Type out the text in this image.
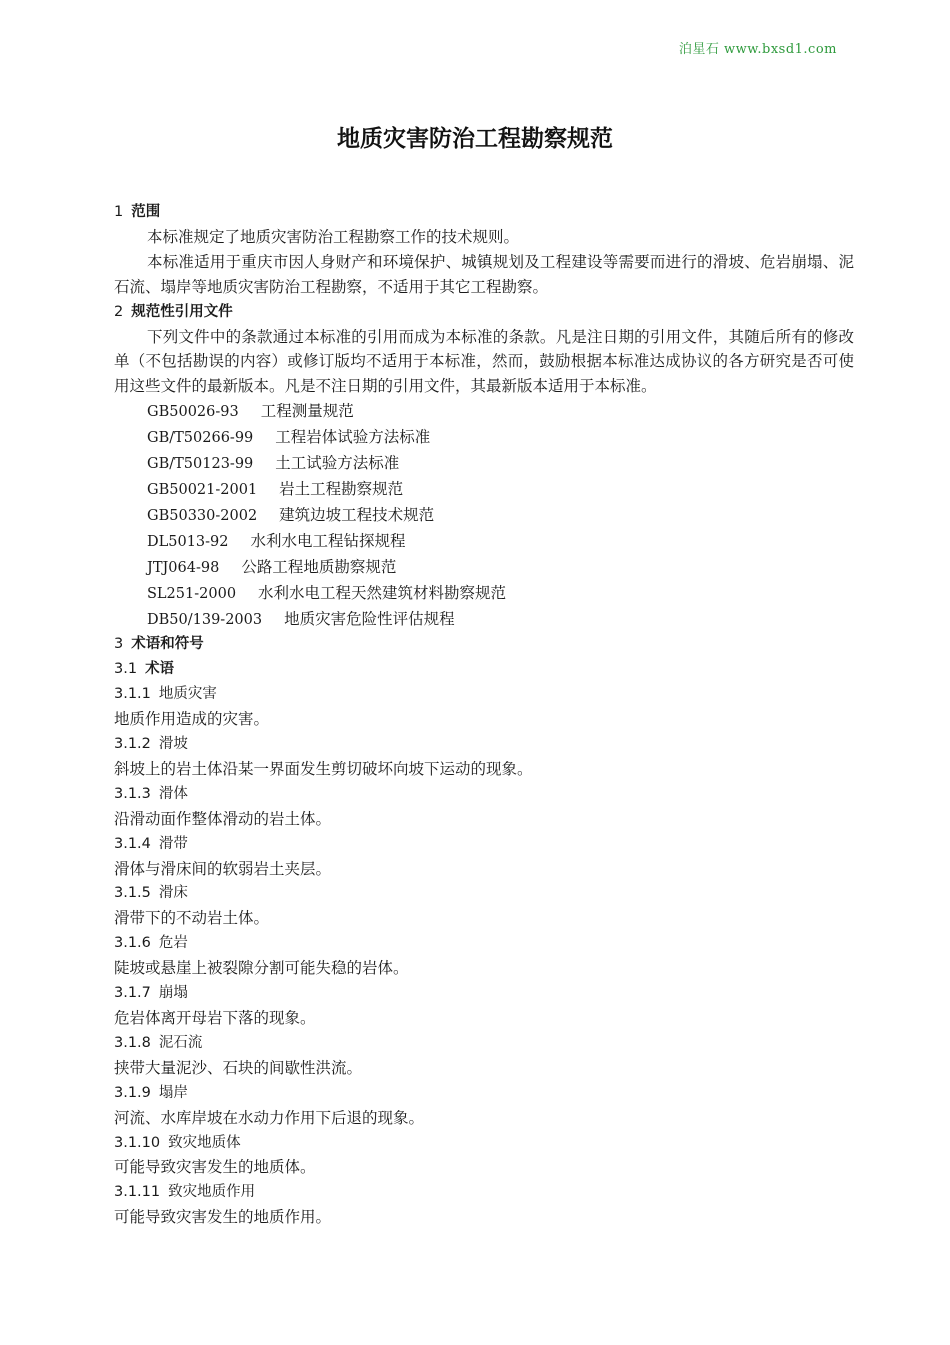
泊星石 www.bxsd1.com
地质灾害防治工程勘察规范
1 范围
本标准规定了地质灾害防治工程勘察工作的技术规则。
本标准适用于重庆市因人身财产和环境保护、城镇规划及工程建设等需要而进行的滑坡、危岩崩塌、泥石流、塌岸等地质灾害防治工程勘察，不适用于其它工程勘察。
2 规范性引用文件
下列文件中的条款通过本标准的引用而成为本标准的条款。凡是注日期的引用文件，其随后所有的修改单（不包括勘误的内容）或修订版均不适用于本标准，然而，鼓励根据本标准达成协议的各方研究是否可使用这些文件的最新版本。凡是不注日期的引用文件，其最新版本适用于本标准。
GB50026-93 工程测量规范
GB/T50266-99 工程岩体试验方法标准
GB/T50123-99 土工试验方法标准
GB50021-2001 岩土工程勘察规范
GB50330-2002 建筑边坡工程技术规范
DL5013-92 水利水电工程钻探规程
JTJ064-98 公路工程地质勘察规范
SL251-2000 水利水电工程天然建筑材料勘察规范
DB50/139-2003 地质灾害危险性评估规程
3 术语和符号
3.1 术语
3.1.1 地质灾害
地质作用造成的灾害。
3.1.2 滑坡
斜坡上的岩土体沿某一界面发生剪切破坏向坡下运动的现象。
3.1.3 滑体
沿滑动面作整体滑动的岩土体。
3.1.4 滑带
滑体与滑床间的软弱岩土夹层。
3.1.5 滑床
滑带下的不动岩土体。
3.1.6 危岩
陡坡或悬崖上被裂隙分割可能失稳的岩体。
3.1.7 崩塌
危岩体离开母岩下落的现象。
3.1.8 泥石流
挟带大量泥沙、石块的间歇性洪流。
3.1.9 塌岸
河流、水库岸坡在水动力作用下后退的现象。
3.1.10 致灾地质体
可能导致灾害发生的地质体。
3.1.11 致灾地质作用
可能导致灾害发生的地质作用。
